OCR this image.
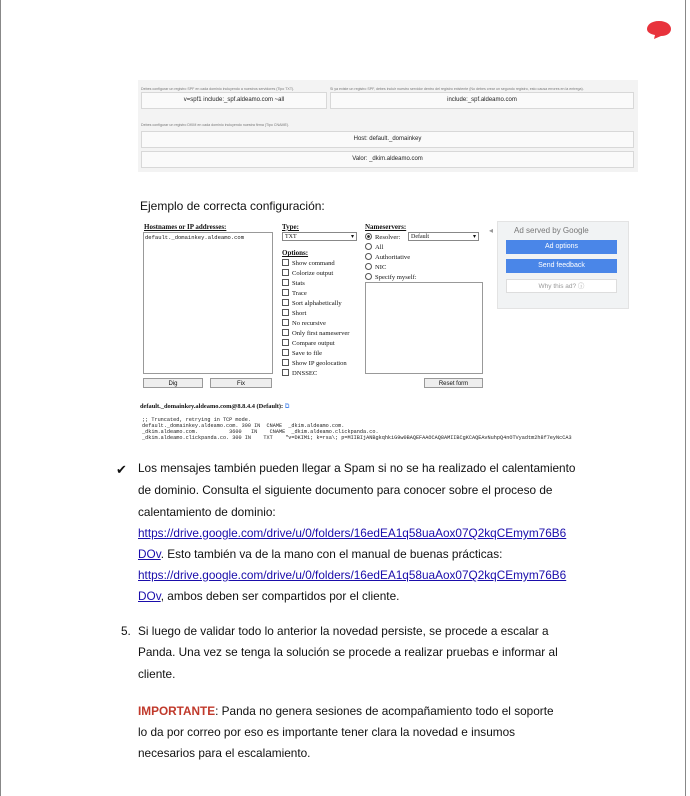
Debes configurar un registro SPF en cada dominio incluyendo a nuestros servidores (Tipo TXT).	Si ya existe un registro SPF, debes incluir nuestro servidor dentro del registro existente (No debes crear un segundo registro, esto causa errores en la entrega).
v=spf1 include:_spf.aldeamo.com ~all	include:_spf.aldeamo.com
Debes configurar un registro DKIM en cada dominio incluyendo nuestra firma (Tipo CNAME).
Host: default._domainkey
Valor: _dkim.aldeamo.com
Ejemplo de correcta configuración:
Hostnames or IP addresses:
default._domainkey.aldeamo.com
Type:
TXT	▾
Options:
Show command
Colorize output
Stats
Trace
Sort alphabetically
Short
No recursive
Only first nameserver
Compare output
Save to file
Show IP geolocation
DNSSEC
Nameservers:
Resolver:	Default	▾
All
Authoritative
NIC
Specify myself:
◂	Ad served by Google
Ad options
Send feedback
Why this ad? ⓘ
Dig	Fix	Reset form
default._domainkey.aldeamo.com@8.8.4.4 (Default): ⧉
;; Truncated, retrying in TCP mode.
default._domainkey.aldeamo.com. 300 IN  CNAME  _dkim.aldeamo.com.
_dkim.aldeamo.com.          3600   IN    CNAME  _dkim.aldeamo.clickpanda.co.
_dkim.aldeamo.clickpanda.co. 300 IN    TXT    "v=DKIM1; k=rsa\; p=MIIBIjANBgkqhkiG9w0BAQEFAAOCAQ8AMIIBCgKCAQEAvNuhpQ4nOTVyadtm2h8f7eyNcCA3
✔ Los mensajes también pueden llegar a Spam si no se ha realizado el calentamiento
de dominio. Consulta el siguiente documento para conocer sobre el proceso de
calentamiento de dominio:
https://drive.google.com/drive/u/0/folders/16edEA1q58uaAox07Q2kqCEmym76B6
DOv. Esto también va de la mano con el manual de buenas prácticas:
https://drive.google.com/drive/u/0/folders/16edEA1q58uaAox07Q2kqCEmym76B6
DOv, ambos deben ser compartidos por el cliente.
5. Si luego de validar todo lo anterior la novedad persiste, se procede a escalar a
Panda. Una vez se tenga la solución se procede a realizar pruebas e informar al
cliente.
IMPORTANTE: Panda no genera sesiones de acompañamiento todo el soporte
lo da por correo por eso es importante tener clara la novedad e insumos
necesarios para el escalamiento.
